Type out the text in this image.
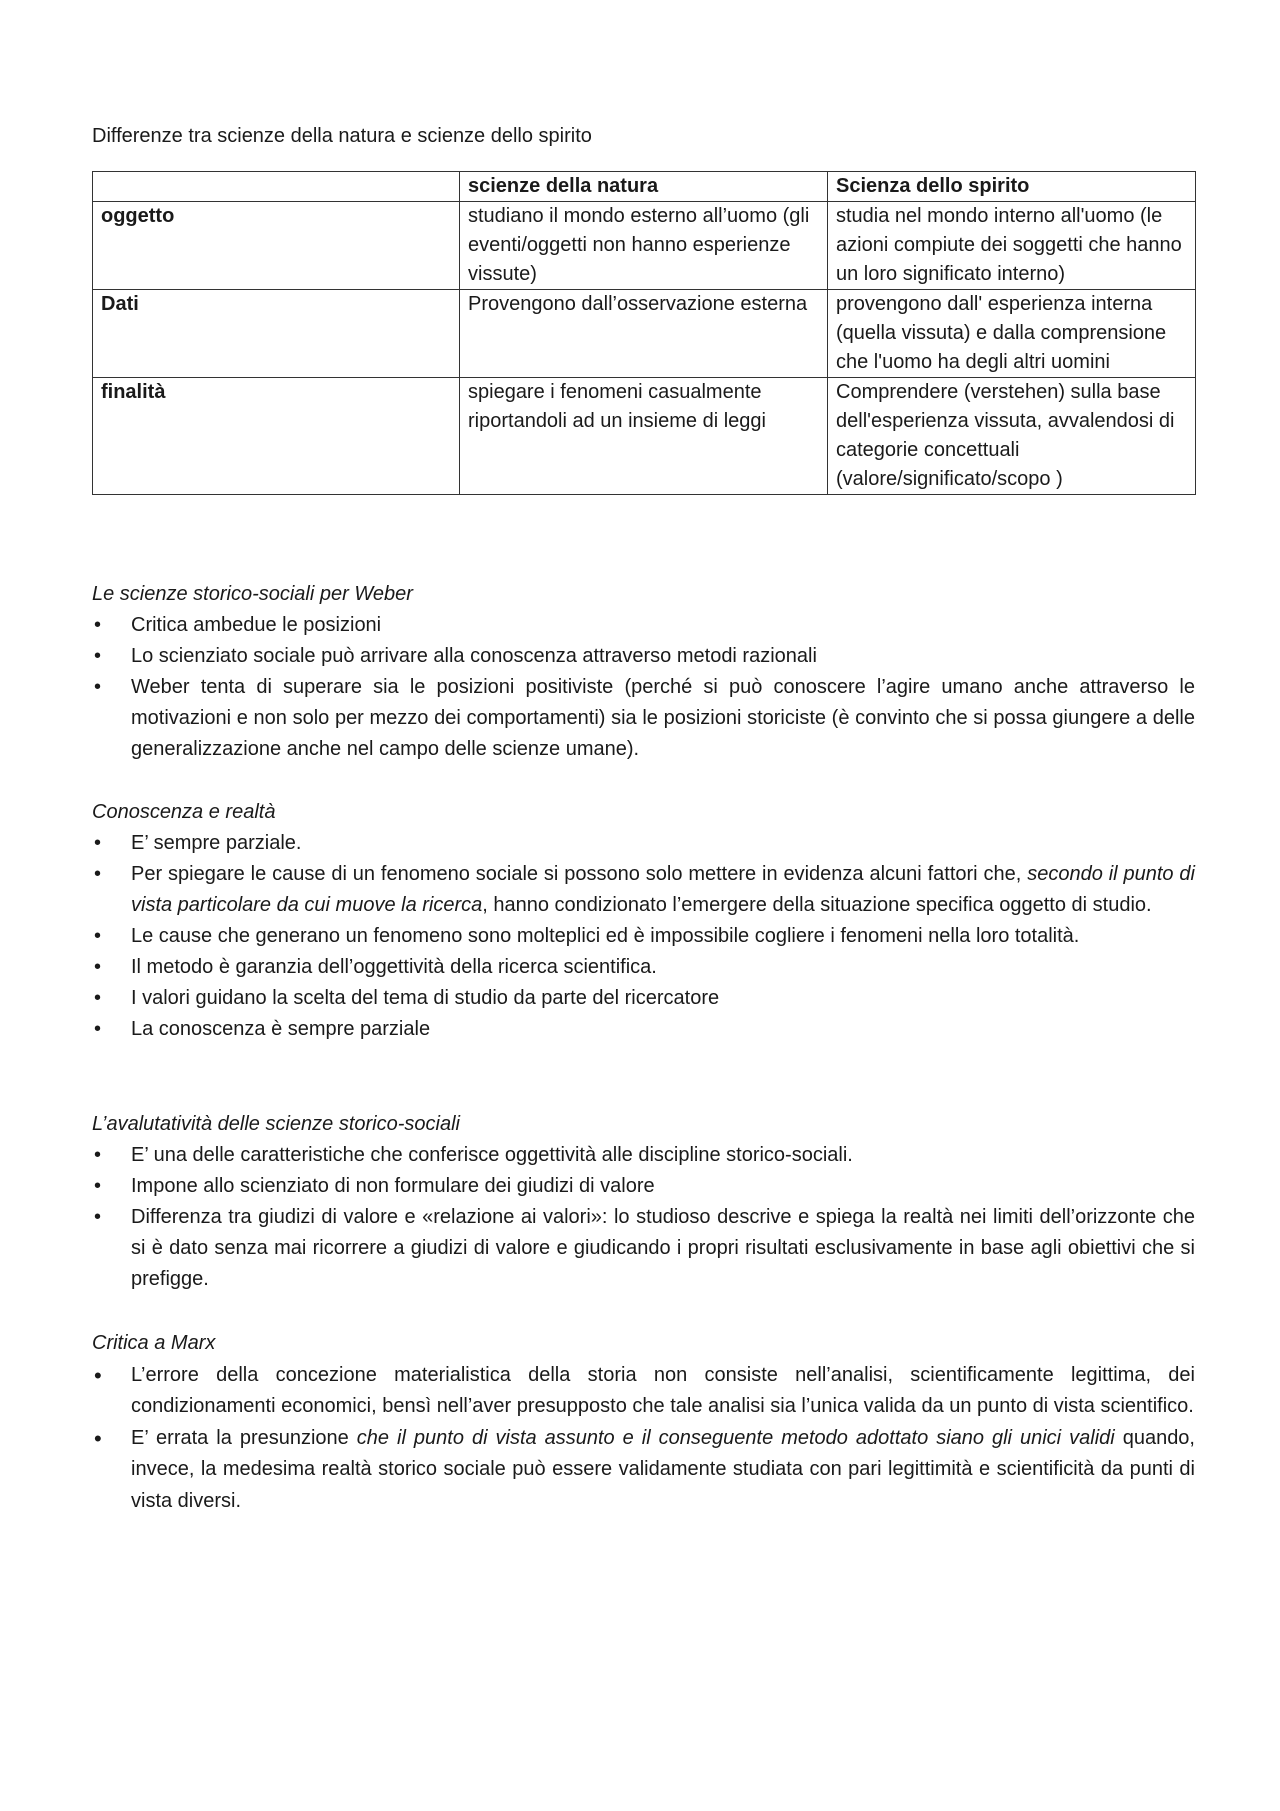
Differenze tra scienze della natura e scienze dello spirito
	scienze della natura	Scienza dello spirito
oggetto	studiano il mondo esterno all’uomo (gli eventi/oggetti non hanno esperienze vissute)	studia nel mondo interno all'uomo (le azioni compiute dei soggetti che hanno un loro significato interno)
Dati	Provengono dall’osservazione esterna	provengono dall' esperienza interna (quella vissuta) e dalla comprensione che l'uomo ha degli altri uomini
finalità	spiegare i fenomeni casualmente riportandoli ad un insieme di leggi	Comprendere (verstehen) sulla base dell'esperienza vissuta, avvalendosi di categorie concettuali (valore/significato/scopo )
Le scienze storico-sociali per Weber
• Critica ambedue le posizioni
• Lo scienziato sociale può arrivare alla conoscenza attraverso metodi razionali
• Weber tenta di superare sia le posizioni positiviste (perché si può conoscere l’agire umano anche attraverso le motivazioni e non solo per mezzo dei comportamenti) sia le posizioni storiciste (è convinto che si possa giungere a delle generalizzazione anche nel campo delle scienze umane).
Conoscenza e realtà
• E’ sempre parziale.
• Per spiegare le cause di un fenomeno sociale si possono solo mettere in evidenza alcuni fattori che, secondo il punto di vista particolare da cui muove la ricerca, hanno condizionato l’emergere della situazione specifica oggetto di studio.
• Le cause che generano un fenomeno sono molteplici ed è impossibile cogliere i fenomeni nella loro totalità.
• Il metodo è garanzia dell’oggettività della ricerca scientifica.
• I valori guidano la scelta del tema di studio da parte del ricercatore
• La conoscenza è sempre parziale
L’avalutatività delle scienze storico-sociali
• E’ una delle caratteristiche che conferisce oggettività alle discipline storico-sociali.
• Impone allo scienziato di non formulare dei giudizi di valore
• Differenza tra giudizi di valore e «relazione ai valori»: lo studioso descrive e spiega la realtà nei limiti dell’orizzonte che si è dato senza mai ricorrere a giudizi di valore e giudicando i propri risultati esclusivamente in base agli obiettivi che si prefigge.
Critica a Marx
• L’errore della concezione materialistica della storia non consiste nell’analisi, scientificamente legittima, dei condizionamenti economici, bensì nell’aver presupposto che tale analisi sia l’unica valida da un punto di vista scientifico.
• E’ errata la presunzione che il punto di vista assunto e il conseguente metodo adottato siano gli unici validi quando, invece, la medesima realtà storico sociale può essere validamente studiata con pari legittimità e scientificità da punti di vista diversi.
